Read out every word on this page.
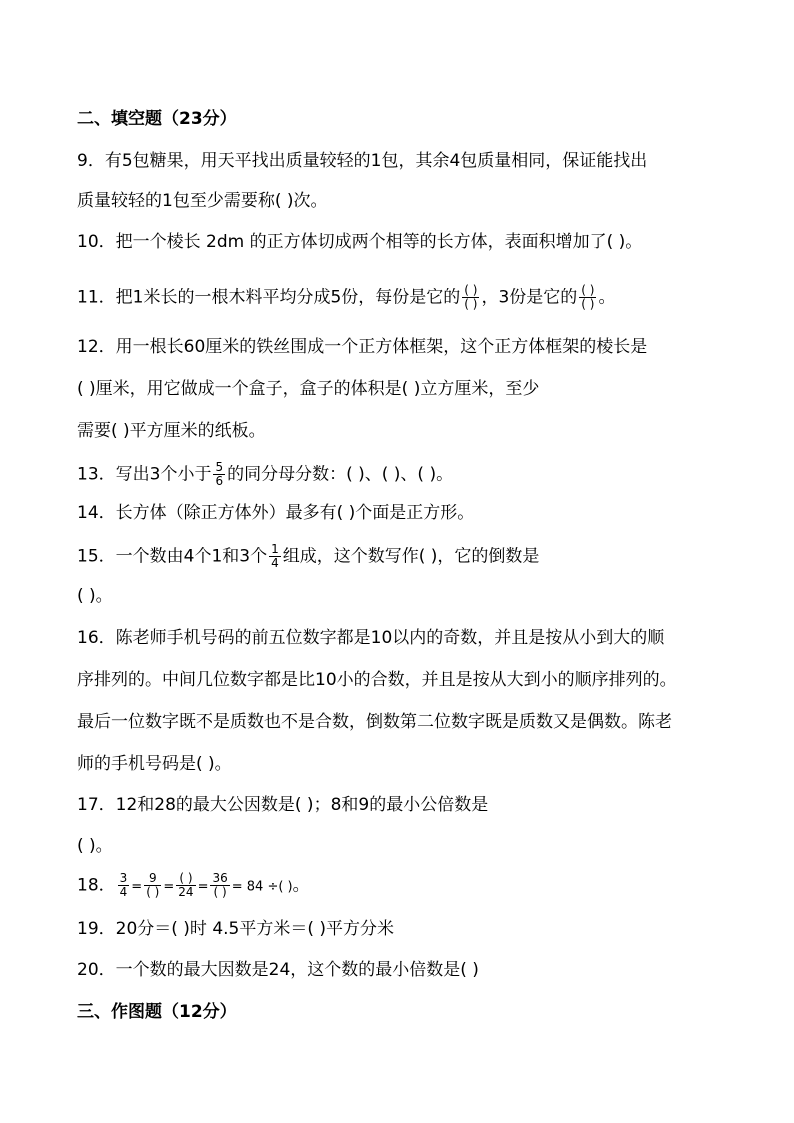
二、填空题（23分）
9．有5包糖果，用天平找出质量较轻的1包，其余4包质量相同，保证能找出
质量较轻的1包至少需要称( )次。
10．把一个棱长 2dm 的正方体切成两个相等的长方体，表面积增加了( )。
11．把1米长的一根木料平均分成5份，每份是它的 $\frac{( )}{( )}$ ，3份是它的 $\frac{( )}{( )}$ 。
12．用一根长60厘米的铁丝围成一个正方体框架，这个正方体框架的棱长是
( )厘米，用它做成一个盒子，盒子的体积是( )立方厘米，至少
需要( )平方厘米的纸板。
13．写出3个小于 $\frac{5}{6}$ 的同分母分数：( )、( )、( )。
14．长方体（除正方体外）最多有( )个面是正方形。
15．一个数由4个1和3个 $\frac{1}{4}$ 组成，这个数写作( )，它的倒数是
( )。
16．陈老师手机号码的前五位数字都是10以内的奇数，并且是按从小到大的顺
序排列的。中间几位数字都是比10小的合数，并且是按从大到小的顺序排列的。
最后一位数字既不是质数也不是合数，倒数第二位数字既是质数又是偶数。陈老
师的手机号码是( )。
17．12和28的最大公因数是( )；8和9的最小公倍数是
( )。
18． $\frac{3}{4} = \frac{9}{( )} = \frac{( )}{24} = \frac{36}{( )} = 84$ ÷( )。
19．20分＝( )时 4.5平方米＝( )平方分米
20．一个数的最大因数是24，这个数的最小倍数是( )
三、作图题（12分）
